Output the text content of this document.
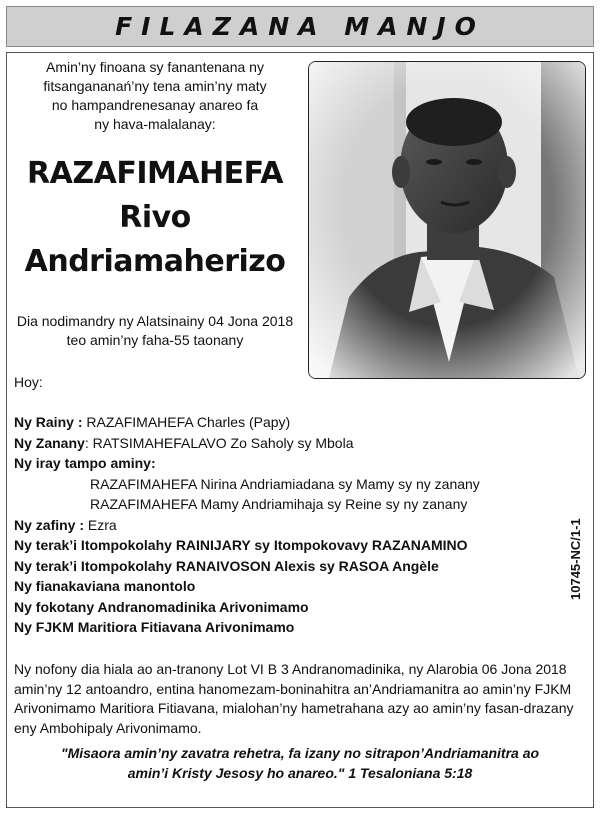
FILAZANA MANJO
Amin’ny finoana sy fanantenana ny
fitsangananań’ny tena amin’ny maty
no hampandrenesanay anareo fa
ny hava-malalanay:
RAZAFIMAHEFA
Rivo
Andriamaherizo
Dia nodimandry ny Alatsinainy 04 Jona 2018
teo amin’ny faha-55 taonany
Hoy:
Ny Rainy : RAZAFIMAHEFA Charles (Papy)
Ny Zanany: RATSIMAHEFALAVO Zo Saholy sy Mbola
Ny iray tampo aminy:
RAZAFIMAHEFA Nirina Andriamiadana sy Mamy sy ny zanany
RAZAFIMAHEFA Mamy Andriamihaja sy Reine sy ny zanany
Ny zafiny : Ezra
Ny terak’i Itompokolahy RAINIJARY sy Itompokovavy RAZANAMINO
Ny terak’i Itompokolahy RANAIVOSON Alexis sy RASOA Angèle
Ny fianakaviana manontolo
Ny fokotany Andranomadinika Arivonimamo
Ny FJKM Maritiora Fitiavana Arivonimamo
10745-NC/1-1
Ny nofony dia hiala ao an-tranony Lot VI B 3 Andranomadinika, ny Alarobia 06 Jona 2018
amin’ny 12 antoandro, entina hanomezam-boninahitra an’Andriamanitra ao amin’ny FJKM
Arivonimamo Maritiora Fitiavana, mialohan’ny hametrahana azy ao amin’ny fasan-drazany
eny Ambohipaly Arivonimamo.
"Misaora amin’ny zavatra rehetra, fa izany no sitrapon’Andriamanitra ao
amin’i Kristy Jesosy ho anareo." 1 Tesaloniana 5:18
